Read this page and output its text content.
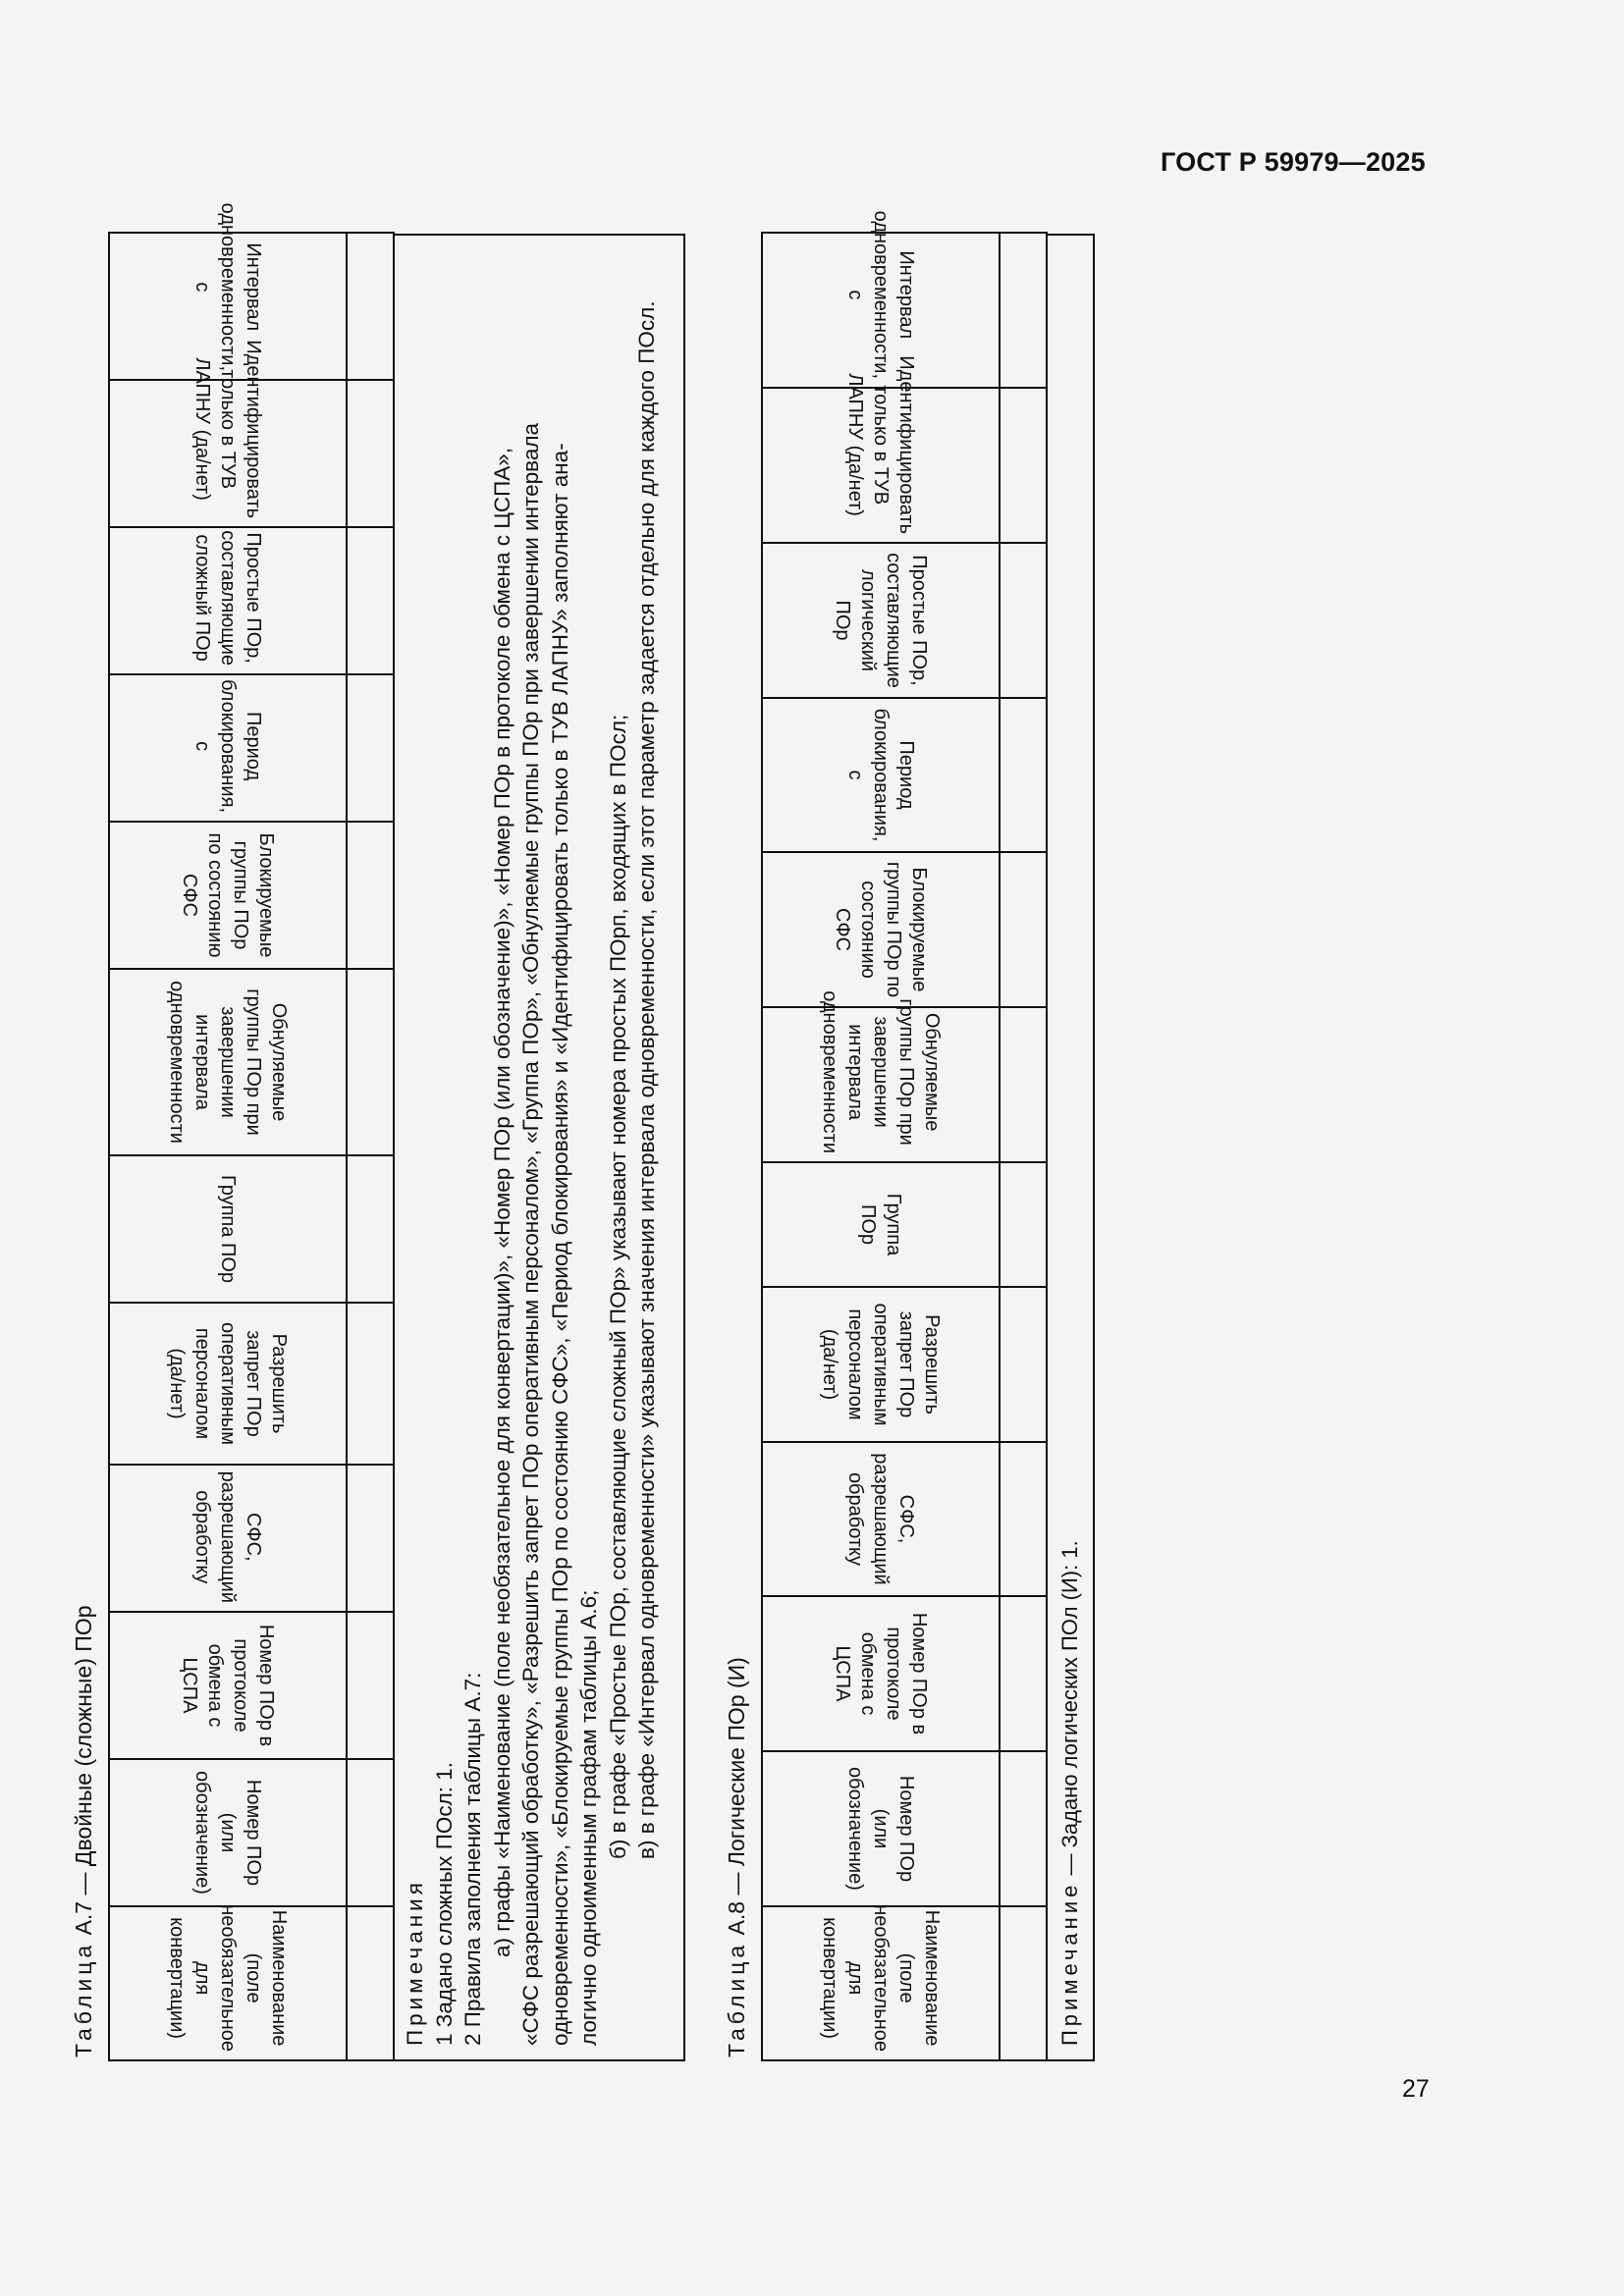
ГОСТ Р 59979—2025
Таблица А.7 — Двойные (сложные) ПОр
Наименование (поле необязательное для конвертации)	Номер ПОр (или обозначение)	Номер ПОр в протоколе обмена с ЦСПА	СФС, разрешающий обработку	Разрешить запрет ПОр оперативным персоналом (да/нет)	Группа ПОр	Обнуляемые группы ПОр при завершении интервала одновременности	Блокируемые группы ПОр по состоянию СФС	Период блокирования, с	Простые ПОр, составляющие сложный ПОр	Идентифицировать только в ТУВ ЛАПНУ (да/нет)	Интервал одновременности, с

Примечания 1 Задано сложных ПОсл: 1. 2 Правила заполнения таблицы А.7: а) графы «Наименование (поле необязательное для конвертации)», «Номер ПОр (или обозначение)», «Номер ПОр в протоколе обмена с ЦСПА», «СФС разрешающий обработку», «Разрешить запрет ПОр оперативным персоналом», «Группа ПОр», «Обнуляемые группы ПОр при завершении интервала одновременности», «Блокируемые группы ПОр по состоянию СФС», «Период блокирования» и «Идентифицировать только в ТУВ ЛАПНУ» заполняют ана- логично одноименным графам таблицы А.6; б) в графе «Простые ПОр, составляющие сложный ПОр» указывают номера простых ПОрп, входящих в ПОсл; в) в графе «Интервал одновременности» указывают значения интервала одновременности, если этот параметр задается отдельно для каждого ПОсл.

Таблица А.8 — Логические ПОр (И)
Наименование (поле необязательное для конвертации)	Номер ПОр (или обозначение)	Номер ПОр в протоколе обмена с ЦСПА	СФС, разрешающий обработку	Разрешить запрет ПОр оперативным персоналом (да/нет)	Группа ПОр	Обнуляемые группы ПОр при завершении интервала одновременности	Блокируемые группы ПОр по состоянию СФС	Период блокирования, с	Простые ПОр, составляющие логический ПОр	Идентифицировать только в ТУВ ЛАПНУ (да/нет)	Интервал одновременности, с

Примечание — Задано логических ПОл (И): 1.
27
